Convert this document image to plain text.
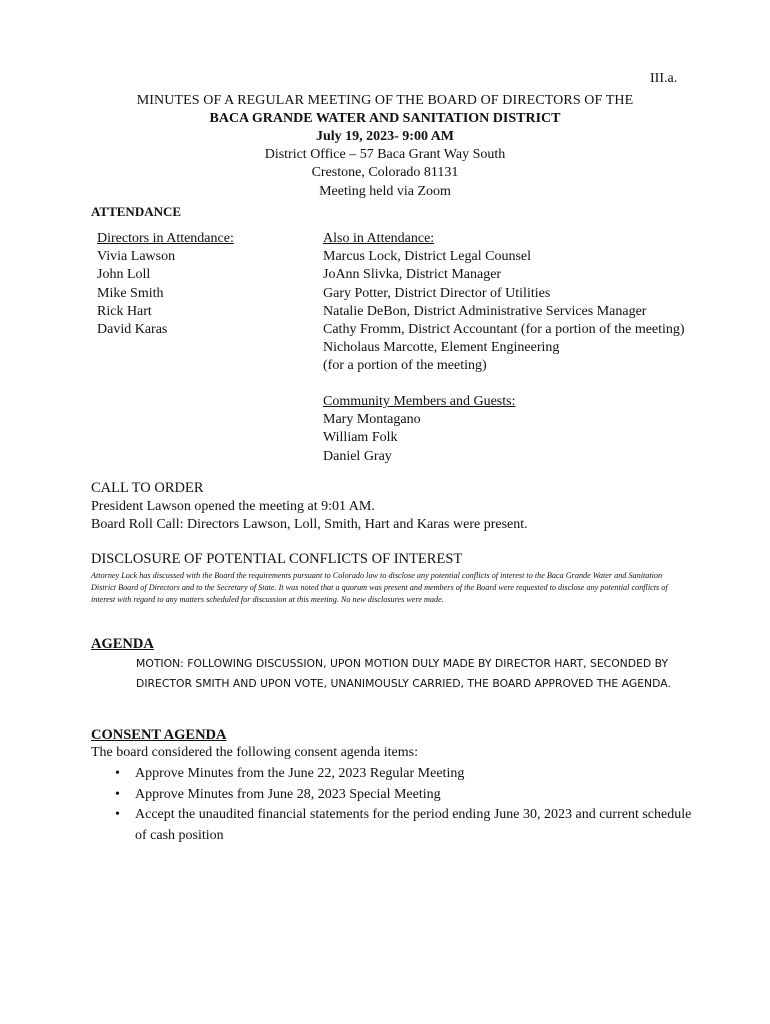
III.a.
MINUTES OF A REGULAR MEETING OF THE BOARD OF DIRECTORS OF THE
BACA GRANDE WATER AND SANITATION DISTRICT
July 19, 2023- 9:00 AM
District Office – 57 Baca Grant Way South
Crestone, Colorado 81131
Meeting held via Zoom
ATTENDANCE
Directors in Attendance:
Vivia Lawson
John Loll
Mike Smith
Rick Hart
David Karas
Also in Attendance:
Marcus Lock, District Legal Counsel
JoAnn Slivka, District Manager
Gary Potter, District Director of Utilities
Natalie DeBon, District Administrative Services Manager
Cathy Fromm, District Accountant (for a portion of the meeting)
Nicholaus Marcotte, Element Engineering
(for a portion of the meeting)
Community Members and Guests:
Mary Montagano
William Folk
Daniel Gray
CALL TO ORDER
President Lawson opened the meeting at 9:01 AM.
Board Roll Call: Directors Lawson, Loll, Smith, Hart and Karas were present.
DISCLOSURE OF POTENTIAL CONFLICTS OF INTEREST
Attorney Lock has discussed with the Board the requirements pursuant to Colorado law to disclose any potential conflicts of interest to the Baca Grande Water and Sanitation District Board of Directors and to the Secretary of State. It was noted that a quorum was present and members of the Board were requested to disclose any potential conflicts of interest with regard to any matters scheduled for discussion at this meeting. No new disclosures were made.
AGENDA
MOTION: FOLLOWING DISCUSSION, UPON MOTION DULY MADE BY DIRECTOR HART, SECONDED BY DIRECTOR SMITH AND UPON VOTE, UNANIMOUSLY CARRIED, THE BOARD APPROVED THE AGENDA.
CONSENT AGENDA
The board considered the following consent agenda items:
• Approve Minutes from the June 22, 2023 Regular Meeting
• Approve Minutes from June 28, 2023 Special Meeting
• Accept the unaudited financial statements for the period ending June 30, 2023 and current schedule of cash position
